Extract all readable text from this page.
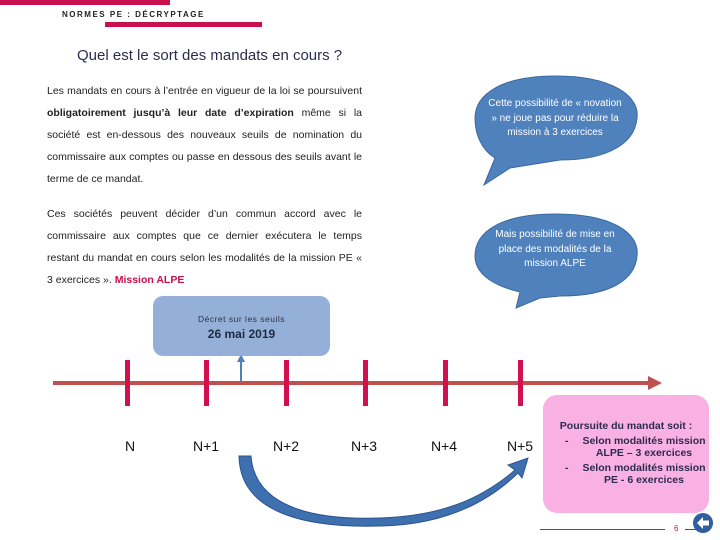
NORMES PE : DÉCRYPTAGE
Quel est le sort des mandats en cours ?
Les mandats en cours à l’entrée en vigueur de la loi se poursuivent obligatoirement jusqu’à leur date d’expiration même si la société est en-dessous des nouveaux seuils de nomination du commissaire aux comptes ou passe en dessous des seuils avant le terme de ce mandat.
Ces sociétés peuvent décider d’un commun accord avec le commissaire aux comptes que ce dernier exécutera le temps restant du mandat en cours selon les modalités de la mission PE « 3 exercices ». Mission ALPE
Cette possibilité de « novation » ne joue pas pour réduire la mission à 3 exercices
Mais possibilité de mise en place des modalités de la mission ALPE
Décret sur les seuils
26 mai 2019
N	N+1	N+2	N+3	N+4	N+5
Poursuite du mandat soit :
-	Selon modalités mission ALPE – 3 exercices
-	Selon modalités mission PE - 6 exercices
6
